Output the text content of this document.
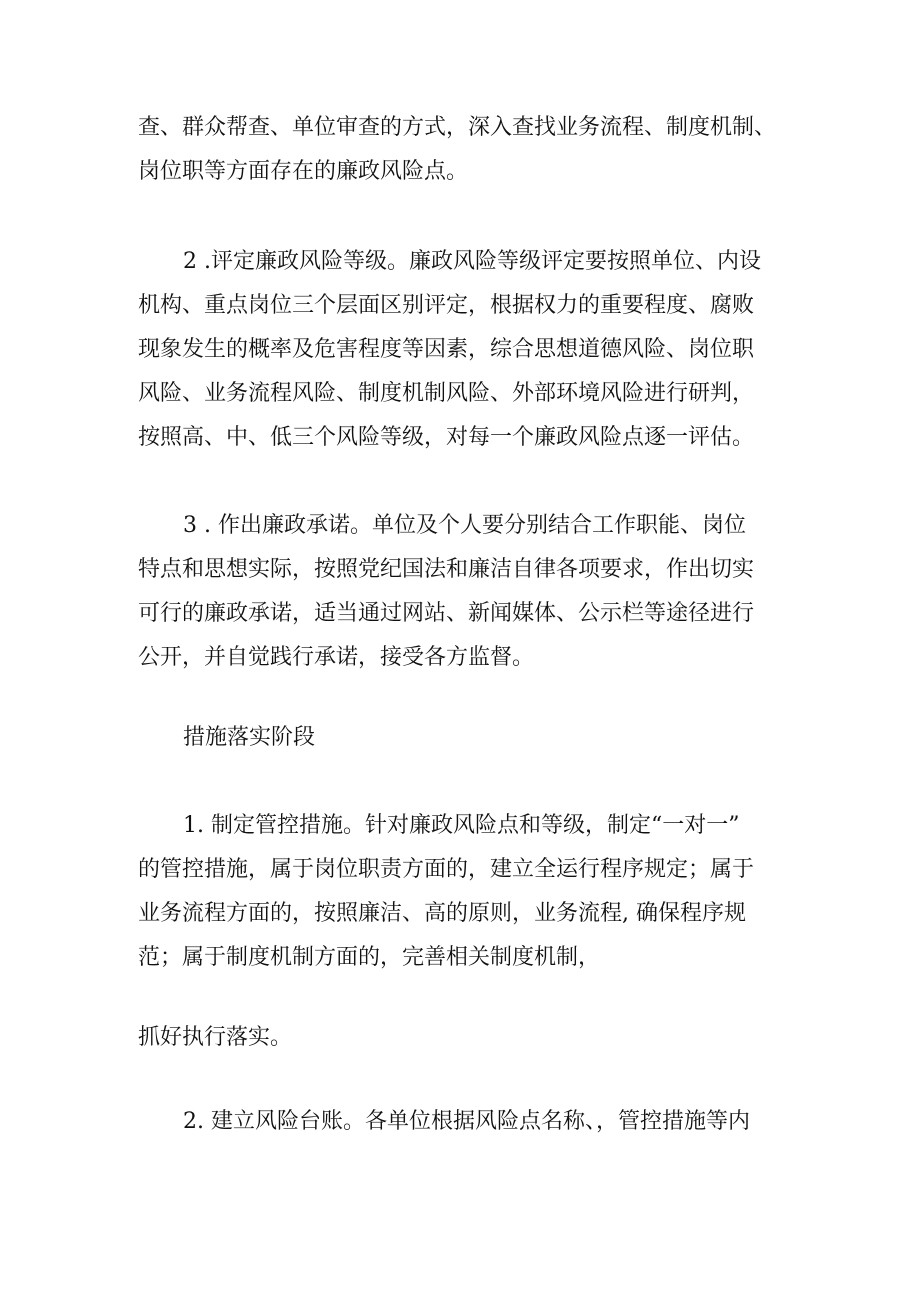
查、群众帮查、单位审查的方式，深入查找业务流程、制度机制、
岗位职等方面存在的廉政风险点。
2 .评定廉政风险等级。廉政风险等级评定要按照单位、内设
机构、重点岗位三个层面区别评定，根据权力的重要程度、腐败
现象发生的概率及危害程度等因素，综合思想道德风险、岗位职
风险、业务流程风险、制度机制风险、外部环境风险进行研判，
按照高、中、低三个风险等级，对每一个廉政风险点逐一评估。
3 . 作出廉政承诺。单位及个人要分别结合工作职能、岗位
特点和思想实际，按照党纪国法和廉洁自律各项要求，作出切实
可行的廉政承诺，适当通过网站、新闻媒体、公示栏等途径进行
公开，并自觉践行承诺，接受各方监督。
措施落实阶段
1. 制定管控措施。针对廉政风险点和等级，制定“一对一”
的管控措施，属于岗位职责方面的，建立全运行程序规定；属于
业务流程方面的，按照廉洁、高的原则，业务流程, 确保程序规
范；属于制度机制方面的，完善相关制度机制，
抓好执行落实。
2. 建立风险台账。各单位根据风险点名称、，管控措施等内
